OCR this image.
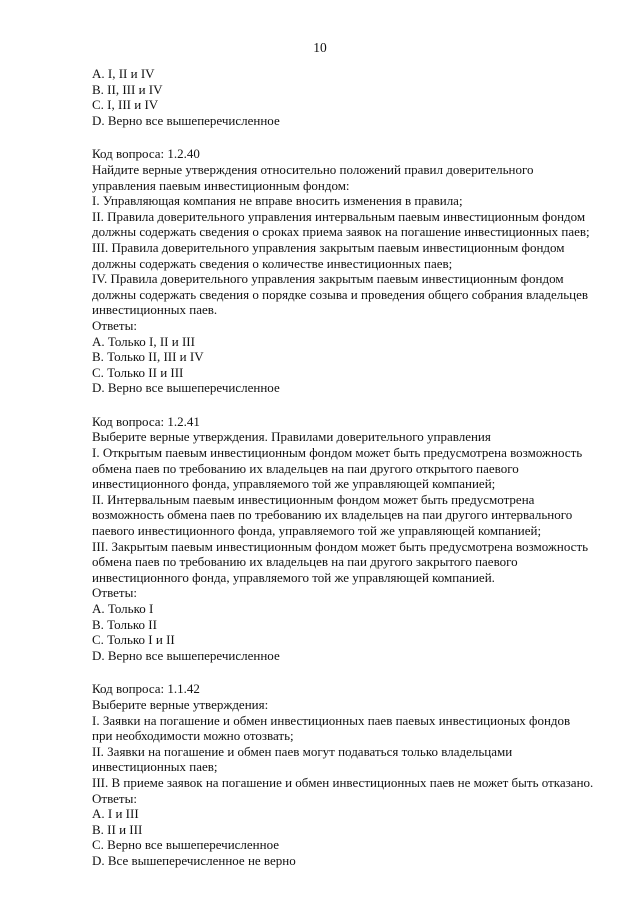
10
A. I, II и IV
B. II, III и IV
C. I, III и IV
D. Верно все вышеперечисленное
Код вопроса: 1.2.40
Найдите верные утверждения относительно положений правил доверительного
управления паевым инвестиционным фондом:
I. Управляющая компания не вправе вносить изменения в правила;
II. Правила доверительного управления интервальным паевым инвестиционным фондом
должны содержать сведения о сроках приема заявок на погашение инвестиционных паев;
III. Правила доверительного управления закрытым паевым инвестиционным фондом
должны содержать сведения о количестве инвестиционных паев;
IV. Правила доверительного управления закрытым паевым инвестиционным фондом
должны содержать сведения о порядке созыва и проведения общего собрания владельцев
инвестиционных паев.
Ответы:
A. Только I, II и III
B. Только II, III и IV
C. Только II и III
D. Верно все вышеперечисленное
Код вопроса: 1.2.41
Выберите верные утверждения. Правилами доверительного управления
I. Открытым паевым инвестиционным фондом может быть предусмотрена возможность
обмена паев по требованию их владельцев на паи другого открытого паевого
инвестиционного фонда, управляемого той же управляющей компанией;
II. Интервальным паевым инвестиционным фондом может быть предусмотрена
возможность обмена паев по требованию их владельцев на паи другого интервального
паевого инвестиционного фонда, управляемого той же управляющей компанией;
III. Закрытым паевым инвестиционным фондом может быть предусмотрена возможность
обмена паев по требованию их владельцев на паи другого закрытого паевого
инвестиционного фонда, управляемого той же управляющей компанией.
Ответы:
A. Только I
B. Только II
C. Только I и II
D. Верно все вышеперечисленное
Код вопроса: 1.1.42
Выберите верные утверждения:
I. Заявки на погашение и обмен инвестиционных паев паевых инвестиционых фондов
при необходимости можно отозвать;
II. Заявки на погашение и обмен паев могут подаваться только владельцами
инвестиционных паев;
III. В приеме заявок на погашение и обмен инвестиционных паев не может быть отказано.
Ответы:
A. I и III
B. II и III
C. Верно все вышеперечисленное
D. Все вышеперечисленное не верно
